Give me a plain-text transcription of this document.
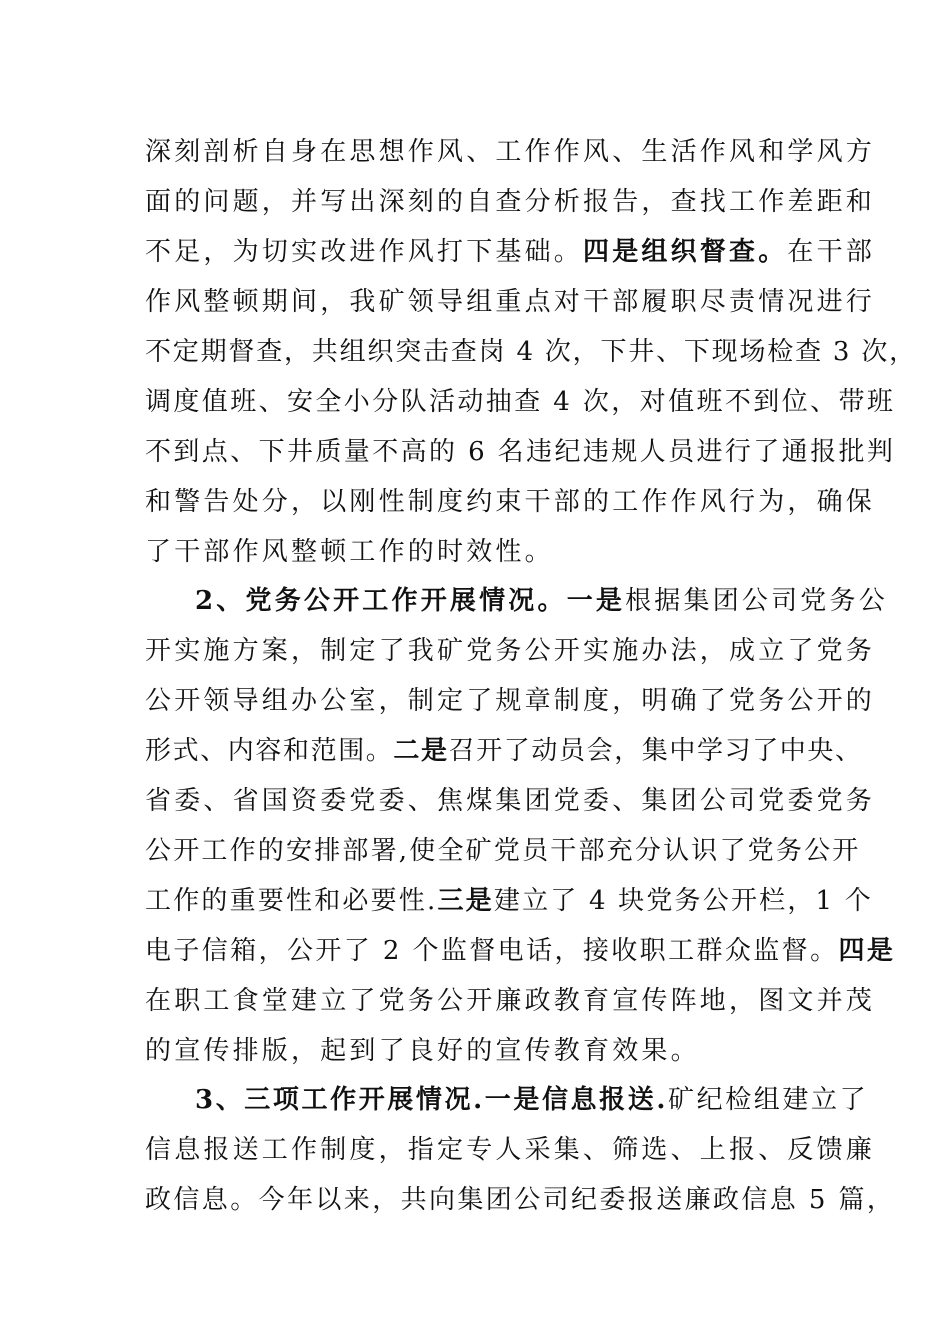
深刻剖析自身在思想作风、工作作风、生活作风和学风方
面的问题，并写出深刻的自查分析报告，查找工作差距和
不足，为切实改进作风打下基础。四是组织督查。在干部
作风整顿期间，我矿领导组重点对干部履职尽责情况进行
不定期督查，共组织突击查岗 4 次，下井、下现场检查 3 次，
调度值班、安全小分队活动抽查 4 次，对值班不到位、带班
不到点、下井质量不高的 6 名违纪违规人员进行了通报批判
和警告处分，以刚性制度约束干部的工作作风行为，确保
了干部作风整顿工作的时效性。
2、党务公开工作开展情况。一是根据集团公司党务公
开实施方案，制定了我矿党务公开实施办法，成立了党务
公开领导组办公室，制定了规章制度，明确了党务公开的
形式、内容和范围。二是召开了动员会，集中学习了中央、
省委、省国资委党委、焦煤集团党委、集团公司党委党务
公开工作的安排部署,使全矿党员干部充分认识了党务公开
工作的重要性和必要性.三是建立了 4 块党务公开栏，1 个
电子信箱，公开了 2 个监督电话，接收职工群众监督。四是
在职工食堂建立了党务公开廉政教育宣传阵地，图文并茂
的宣传排版，起到了良好的宣传教育效果。
3、三项工作开展情况.一是信息报送.矿纪检组建立了
信息报送工作制度，指定专人采集、筛选、上报、反馈廉
政信息。今年以来，共向集团公司纪委报送廉政信息 5 篇，
